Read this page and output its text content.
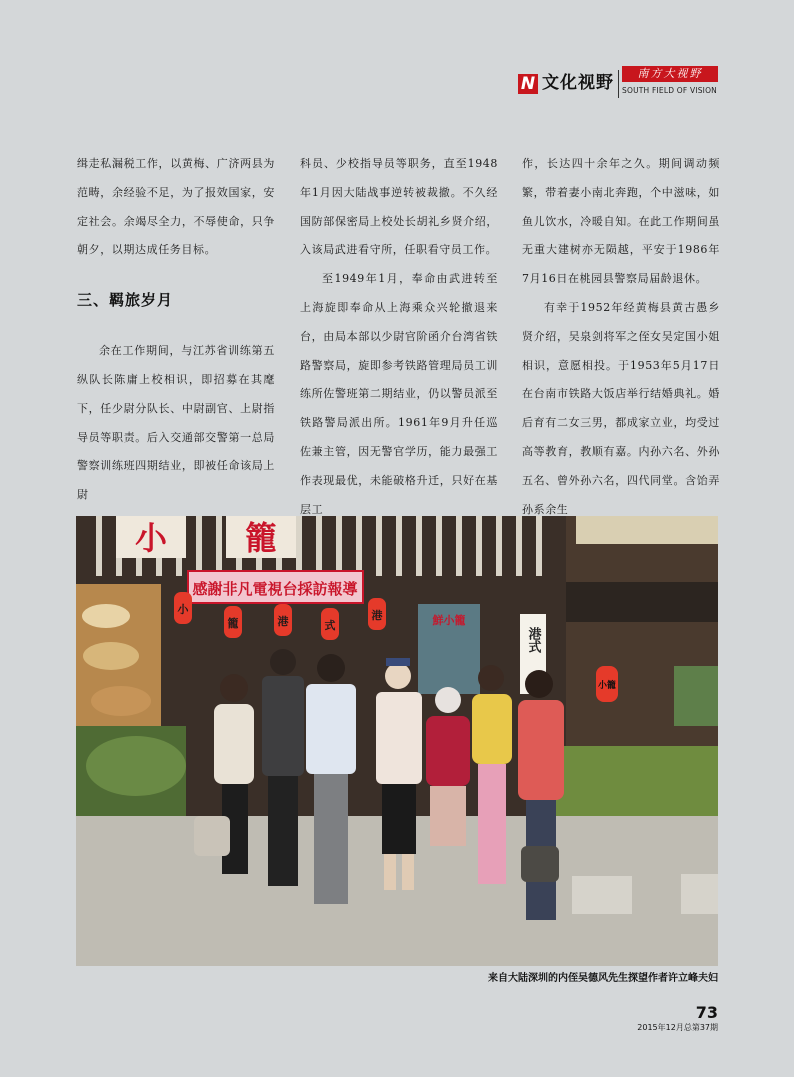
N 文化视野	南方大视野
SOUTH FIELD OF VISION

缉走私漏税工作，以黄梅、广济两县为范畴，余经验不足，为了报效国家，安定社会。余竭尽全力，不辱使命，只争朝夕，以期达成任务目标。

三、羁旅岁月

余在工作期间，与江苏省训练第五纵队长陈庸上校相识，即招募在其麾下，任少尉分队长、中尉副官、上尉指导员等职责。后入交通部交警第一总局警察训练班四期结业，即被任命该局上尉

科员、少校指导员等职务，直至1948年1月因大陆战事逆转被裁撤。不久经国防部保密局上校处长胡礼乡贤介绍，入该局武进看守所，任职看守员工作。

至1949年1月，奉命由武进转至上海旋即奉命从上海乘众兴轮撤退来台，由局本部以少尉官阶函介台湾省铁路警察局，旋即参考铁路管理局员工训练所佐警班第二期结业，仍以警员派至铁路警局派出所。1961年9月升任巡佐兼主管，因无警官学历，能力最强工作表现最优，未能破格升迁，只好在基层工

作，长达四十余年之久。期间调动频繁，带着妻小南北奔跑，个中滋味，如鱼儿饮水，冷暖自知。在此工作期间虽无重大建树亦无陨越，平安于1986年7月16日在桃园县警察局届龄退休。

有幸于1952年经黄梅县黄古愚乡贤介绍，吴泉剑将军之侄女吴定国小姐相识，意愿相投。于1953年5月17日在台南市铁路大饭店举行结婚典礼。婚后育有二女三男，都成家立业，均受过高等教育，教顺有嘉。内孙六名、外孙五名、曾外孙六名，四代同堂。含饴弄孙系余生

小 籠
感謝非凡電視台採訪報導
小
籠	港	式
港	鮮小籠
港式
小籠
来自大陆深圳的内侄吴德风先生探望作者许立峰夫妇
73
2015年12月总第37期
